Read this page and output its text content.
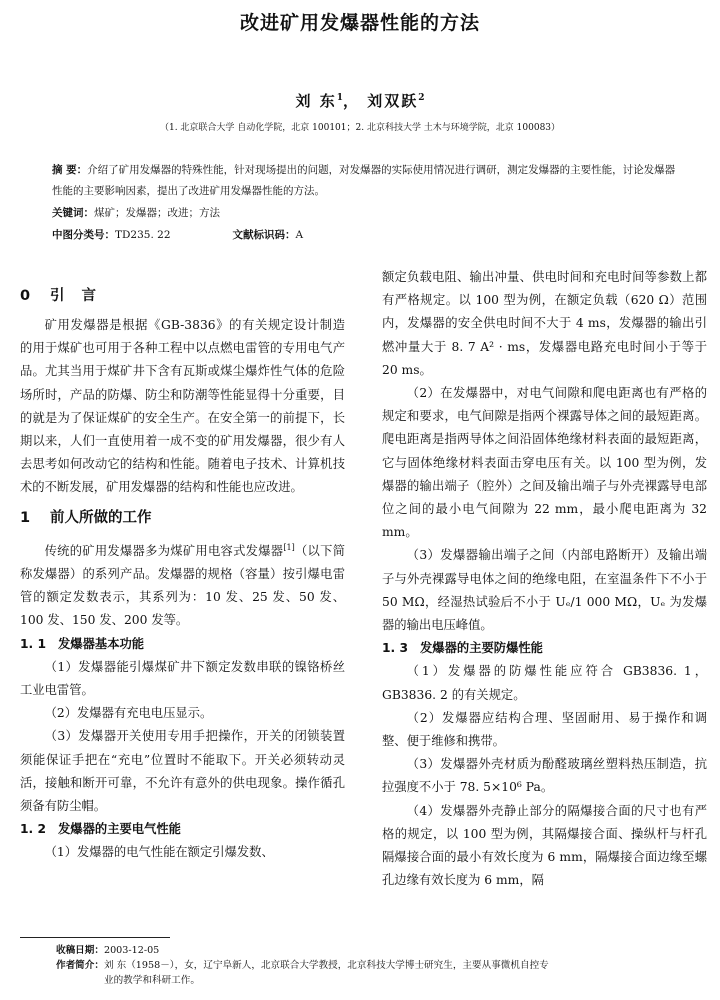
改进矿用发爆器性能的方法
刘 东$^1$， 刘双跃$^2$
（1. 北京联合大学 自动化学院，北京 100101；2. 北京科技大学 土木与环境学院，北京 100083）
摘 要：介绍了矿用发爆器的特殊性能，针对现场提出的问题，对发爆器的实际使用情况进行调研，测定发爆器的主要性能，讨论发爆器性能的主要影响因素，提出了改进矿用发爆器性能的方法。
关键词： 煤矿；发爆器；改进；方法
中图分类号： TD235. 22	文献标识码： A
0 引 言

矿用发爆器是根据《GB-3836》的有关规定设计制造的用于煤矿也可用于各种工程中以点燃电雷管的专用电气产品。尤其当用于煤矿井下含有瓦斯或煤尘爆炸性气体的危险场所时，产品的防爆、防尘和防潮等性能显得十分重要，目的就是为了保证煤矿的安全生产。在安全第一的前提下，长期以来，人们一直使用着一成不变的矿用发爆器，很少有人去思考如何改动它的结构和性能。随着电子技术、计算机技术的不断发展，矿用发爆器的结构和性能也应改进。

1 前人所做的工作

传统的矿用发爆器多为煤矿用电容式发爆器[1]（以下简称发爆器）的系列产品。发爆器的规格（容量）按引爆电雷管的额定发数表示，其系列为：10 发、25 发、50 发、100 发、150 发、200 发等。

1. 1 发爆器基本功能

（1）发爆器能引爆煤矿井下额定发数串联的镍铬桥丝工业电雷管。

（2）发爆器有充电电压显示。

（3）发爆器开关使用专用手把操作，开关的闭锁装置须能保证手把在“充电”位置时不能取下。开关必须转动灵活，接触和断开可靠，不允许有意外的供电现象。操作循孔须备有防尘帽。

1. 2 发爆器的主要电气性能

（1）发爆器的电气性能在额定引爆发数、

额定负载电阻、输出冲量、供电时间和充电时间等参数上都有严格规定。以 100 型为例，在额定负载（620 Ω）范围内，发爆器的安全供电时间不大于 4 ms，发爆器的输出引燃冲量大于 8. 7 A² · ms，发爆器电路充电时间小于等于 20 ms。

（2）在发爆器中，对电气间隙和爬电距离也有严格的规定和要求，电气间隙是指两个裸露导体之间的最短距离。爬电距离是指两导体之间沿固体绝缘材料表面的最短距离，它与固体绝缘材料表面击穿电压有关。以 100 型为例，发爆器的输出端子（腔外）之间及输出端子与外壳裸露导电部位之间的最小电气间隙为 22 mm，最小爬电距离为 32 mm。

（3）发爆器输出端子之间（内部电路断开）及输出端子与外壳裸露导电体之间的绝缘电阻，在室温条件下不小于 50 MΩ，经湿热试验后不小于 Uₑ/1 000 MΩ，Uₑ 为发爆器的输出电压峰值。

1. 3 发爆器的主要防爆性能

（1）发爆器的防爆性能应符合 GB3836. 1，GB3836. 2 的有关规定。

（2）发爆器应结构合理、坚固耐用、易于操作和调整、便于维修和携带。

（3）发爆器外壳材质为酚醛玻璃丝塑料热压制造，抗拉强度不小于 78. 5×10⁶ Pa。

（4）发爆器外壳静止部分的隔爆接合面的尺寸也有严格的规定，以 100 型为例，其隔爆接合面、操纵杆与杆孔隔爆接合面的最小有效长度为 6 mm，隔爆接合面边缘至螺孔边缘有效长度为 6 mm，隔

收稿日期：2003-12-05
作者简介：刘 东（1958－），女，辽宁阜新人，北京联合大学教授，北京科技大学博士研究生，主要从事微机自控专
业的教学和科研工作。
